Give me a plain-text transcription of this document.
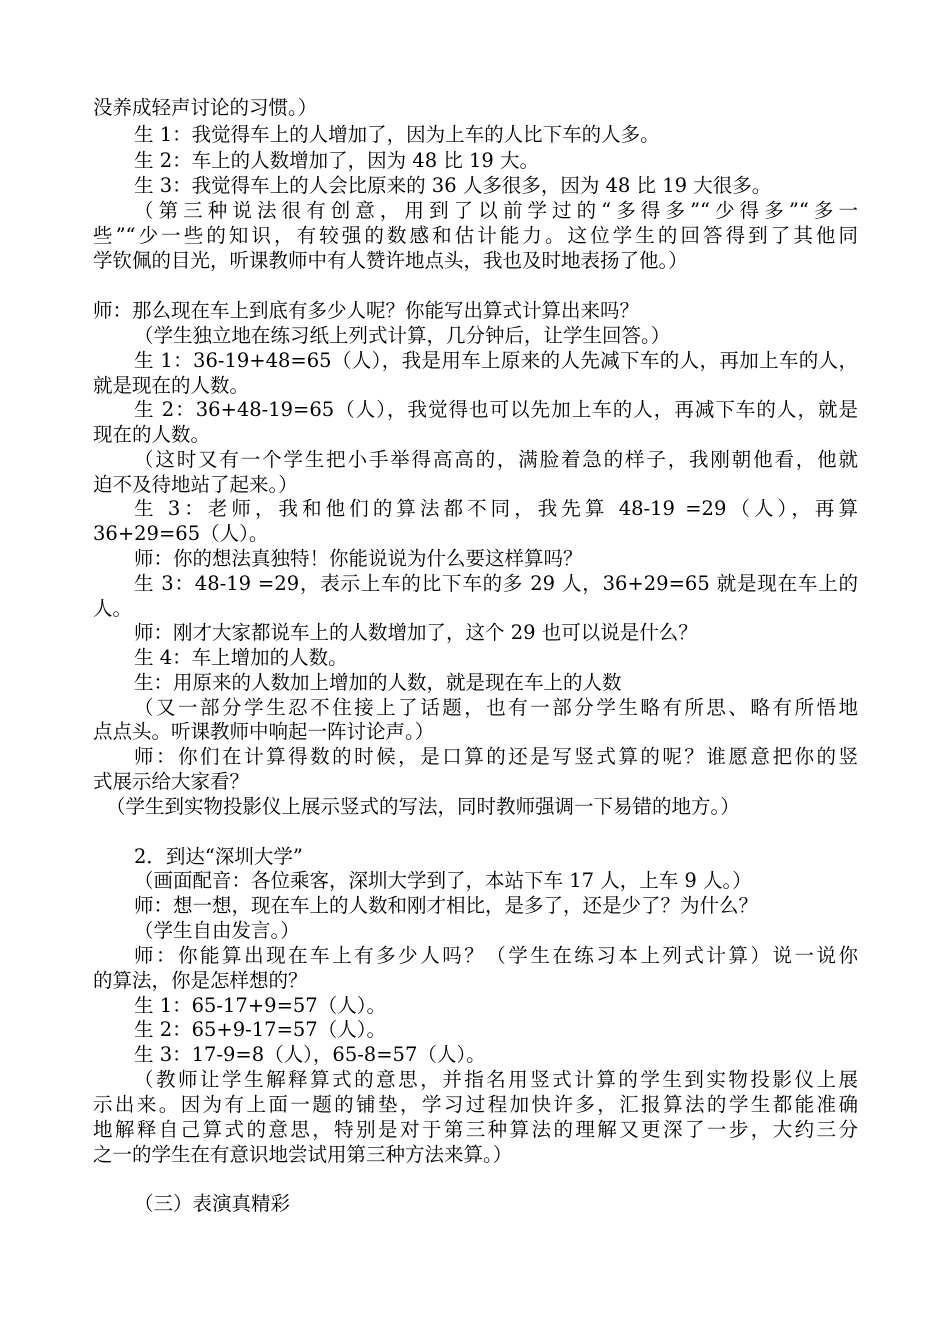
没养成轻声讨论的习惯。）

生 1：我觉得车上的人增加了，因为上车的人比下车的人多。

生 2：车上的人数增加了，因为 48 比 19 大。

生 3：我觉得车上的人会比原来的 36 人多很多，因为 48 比 19 大很多。

（第三种说法很有创意，用到了以前学过的“多得多”“少得多”“多一

些”“少一些的知识，有较强的数感和估计能力。这位学生的回答得到了其他同

学钦佩的目光，听课教师中有人赞许地点头，我也及时地表扬了他。）

师：那么现在车上到底有多少人呢？你能写出算式计算出来吗？

（学生独立地在练习纸上列式计算，几分钟后，让学生回答。）

生 1：36-19+48=65（人），我是用车上原来的人先减下车的人，再加上车的人，

就是现在的人数。

生 2：36+48-19=65（人），我觉得也可以先加上车的人，再减下车的人，就是

现在的人数。

（这时又有一个学生把小手举得高高的，满脸着急的样子，我刚朝他看，他就

迫不及待地站了起来。）

生 3：老师，我和他们的算法都不同，我先算 48-19 =29（人），再算

36+29=65（人）。

师：你的想法真独特！你能说说为什么要这样算吗？

生 3：48-19 =29，表示上车的比下车的多 29 人，36+29=65 就是现在车上的

人。

师：刚才大家都说车上的人数增加了，这个 29 也可以说是什么？

生 4：车上增加的人数。

生：用原来的人数加上增加的人数，就是现在车上的人数

（又一部分学生忍不住接上了话题，也有一部分学生略有所思、略有所悟地

点点头。听课教师中响起一阵讨论声。）

师：你们在计算得数的时候，是口算的还是写竖式算的呢？谁愿意把你的竖

式展示给大家看？

（学生到实物投影仪上展示竖式的写法，同时教师强调一下易错的地方。）

2．到达“深圳大学”

（画面配音：各位乘客，深圳大学到了，本站下车 17 人，上车 9 人。）

师：想一想，现在车上的人数和刚才相比，是多了，还是少了？为什么？

（学生自由发言。）

师：你能算出现在车上有多少人吗？（学生在练习本上列式计算）说一说你

的算法，你是怎样想的？

生 1：65-17+9=57（人）。

生 2：65+9-17=57（人）。

生 3：17-9=8（人），65-8=57（人）。

（教师让学生解释算式的意思，并指名用竖式计算的学生到实物投影仪上展

示出来。因为有上面一题的铺垫，学习过程加快许多，汇报算法的学生都能准确

地解释自己算式的意思，特别是对于第三种算法的理解又更深了一步，大约三分

之一的学生在有意识地尝试用第三种方法来算。）

（三）表演真精彩
